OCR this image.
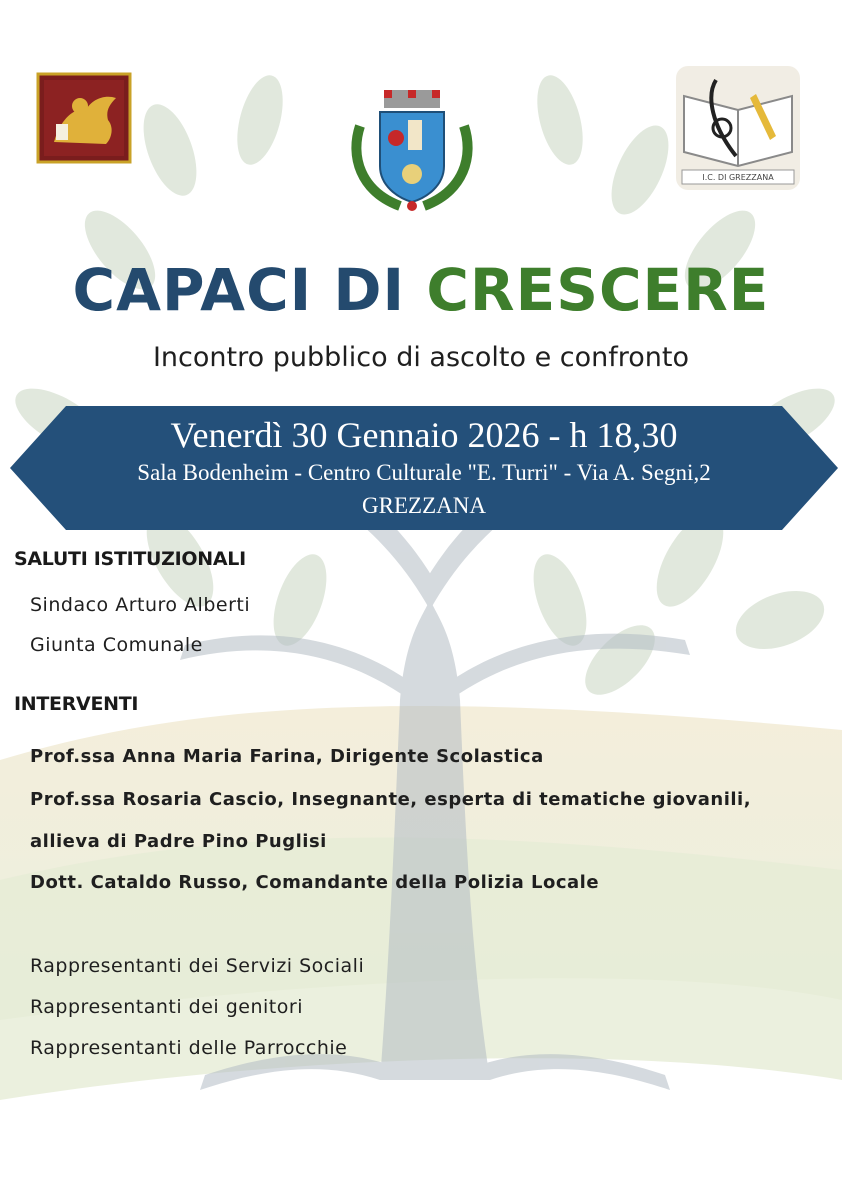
I.C. DI GREZZANA
CAPACI DI CRESCERE
Incontro pubblico di ascolto e confronto
Venerdì 30 Gennaio 2026 - h 18,30
Sala Bodenheim - Centro Culturale "E. Turri" - Via A. Segni,2
GREZZANA
SALUTI ISTITUZIONALI
Sindaco Arturo Alberti
Giunta Comunale
INTERVENTI
Prof.ssa Anna Maria Farina, Dirigente Scolastica
Prof.ssa Rosaria Cascio, Insegnante, esperta di tematiche giovanili,
allieva di Padre Pino Puglisi
Dott. Cataldo Russo, Comandante della Polizia Locale
Rappresentanti dei Servizi Sociali
Rappresentanti dei genitori
Rappresentanti delle Parrocchie
